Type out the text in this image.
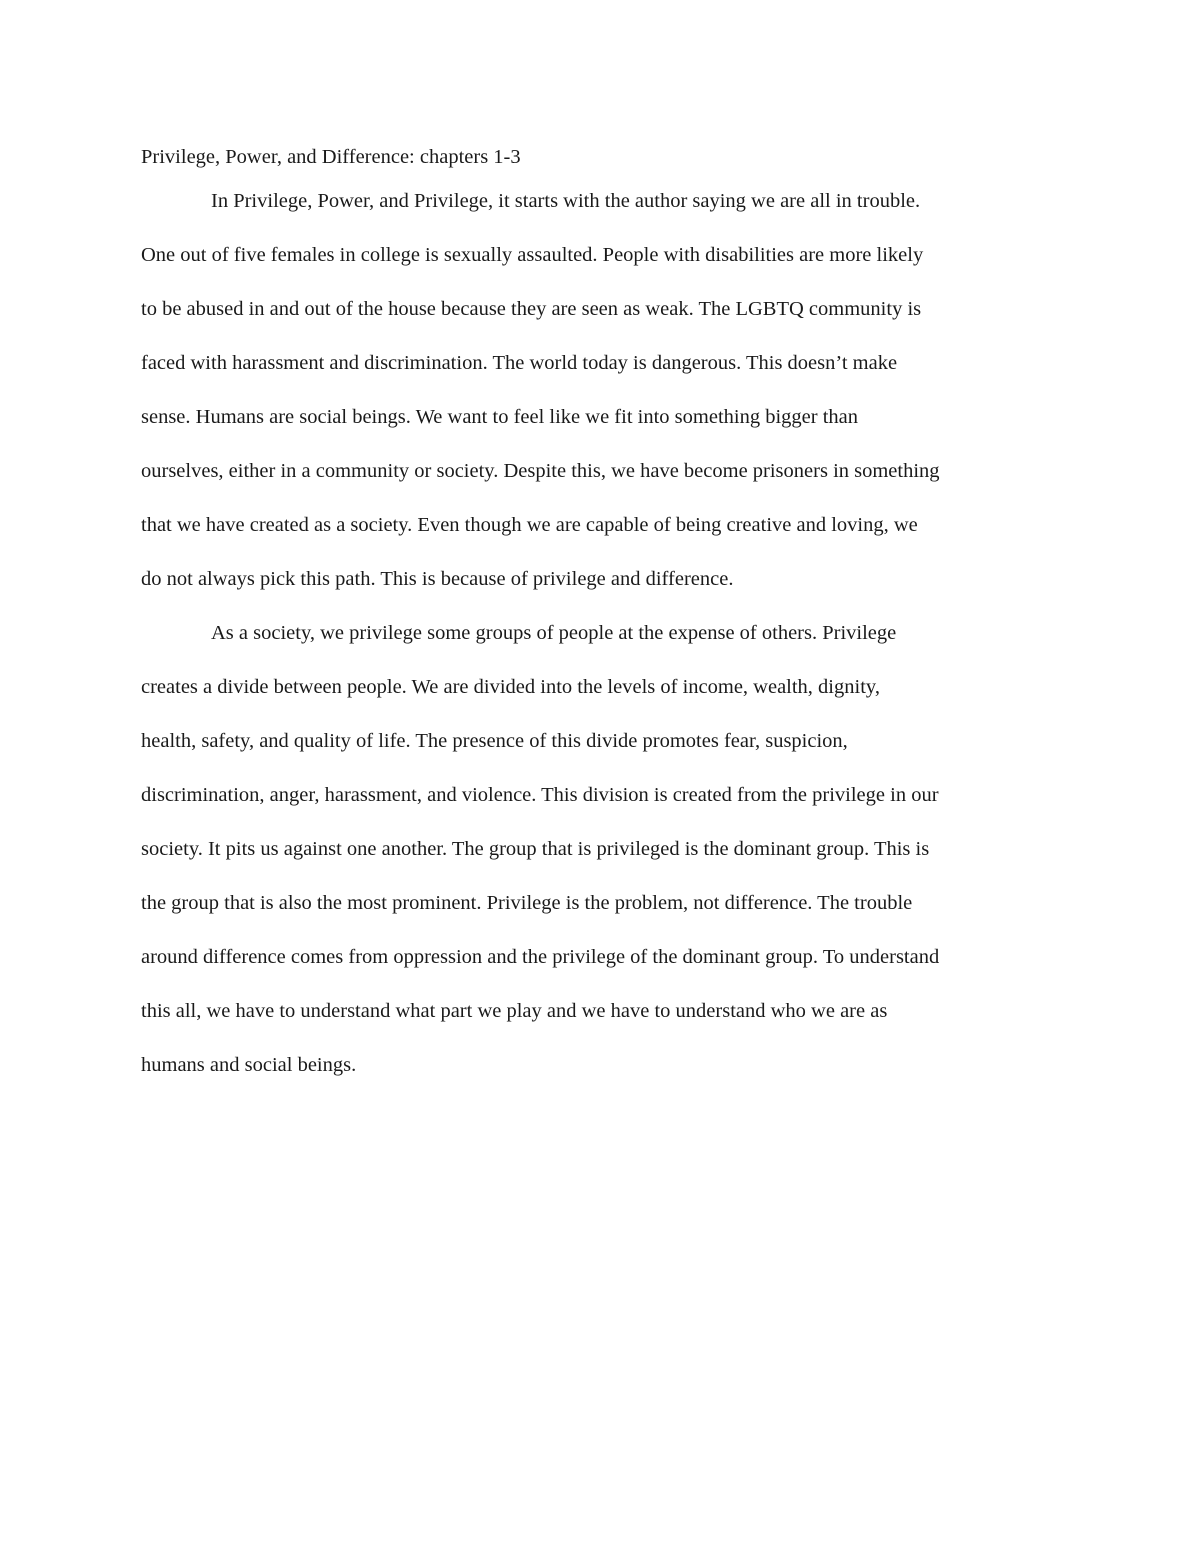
Privilege, Power, and Difference: chapters 1-3

In Privilege, Power, and Privilege, it starts with the author saying we are all in trouble.
One out of five females in college is sexually assaulted. People with disabilities are more likely
to be abused in and out of the house because they are seen as weak. The LGBTQ community is
faced with harassment and discrimination. The world today is dangerous. This doesn’t make
sense. Humans are social beings. We want to feel like we fit into something bigger than
ourselves, either in a community or society. Despite this, we have become prisoners in something
that we have created as a society. Even though we are capable of being creative and loving, we
do not always pick this path. This is because of privilege and difference.

As a society, we privilege some groups of people at the expense of others. Privilege
creates a divide between people. We are divided into the levels of income, wealth, dignity,
health, safety, and quality of life. The presence of this divide promotes fear, suspicion,
discrimination, anger, harassment, and violence. This division is created from the privilege in our
society. It pits us against one another. The group that is privileged is the dominant group. This is
the group that is also the most prominent. Privilege is the problem, not difference. The trouble
around difference comes from oppression and the privilege of the dominant group. To understand
this all, we have to understand what part we play and we have to understand who we are as
humans and social beings.
